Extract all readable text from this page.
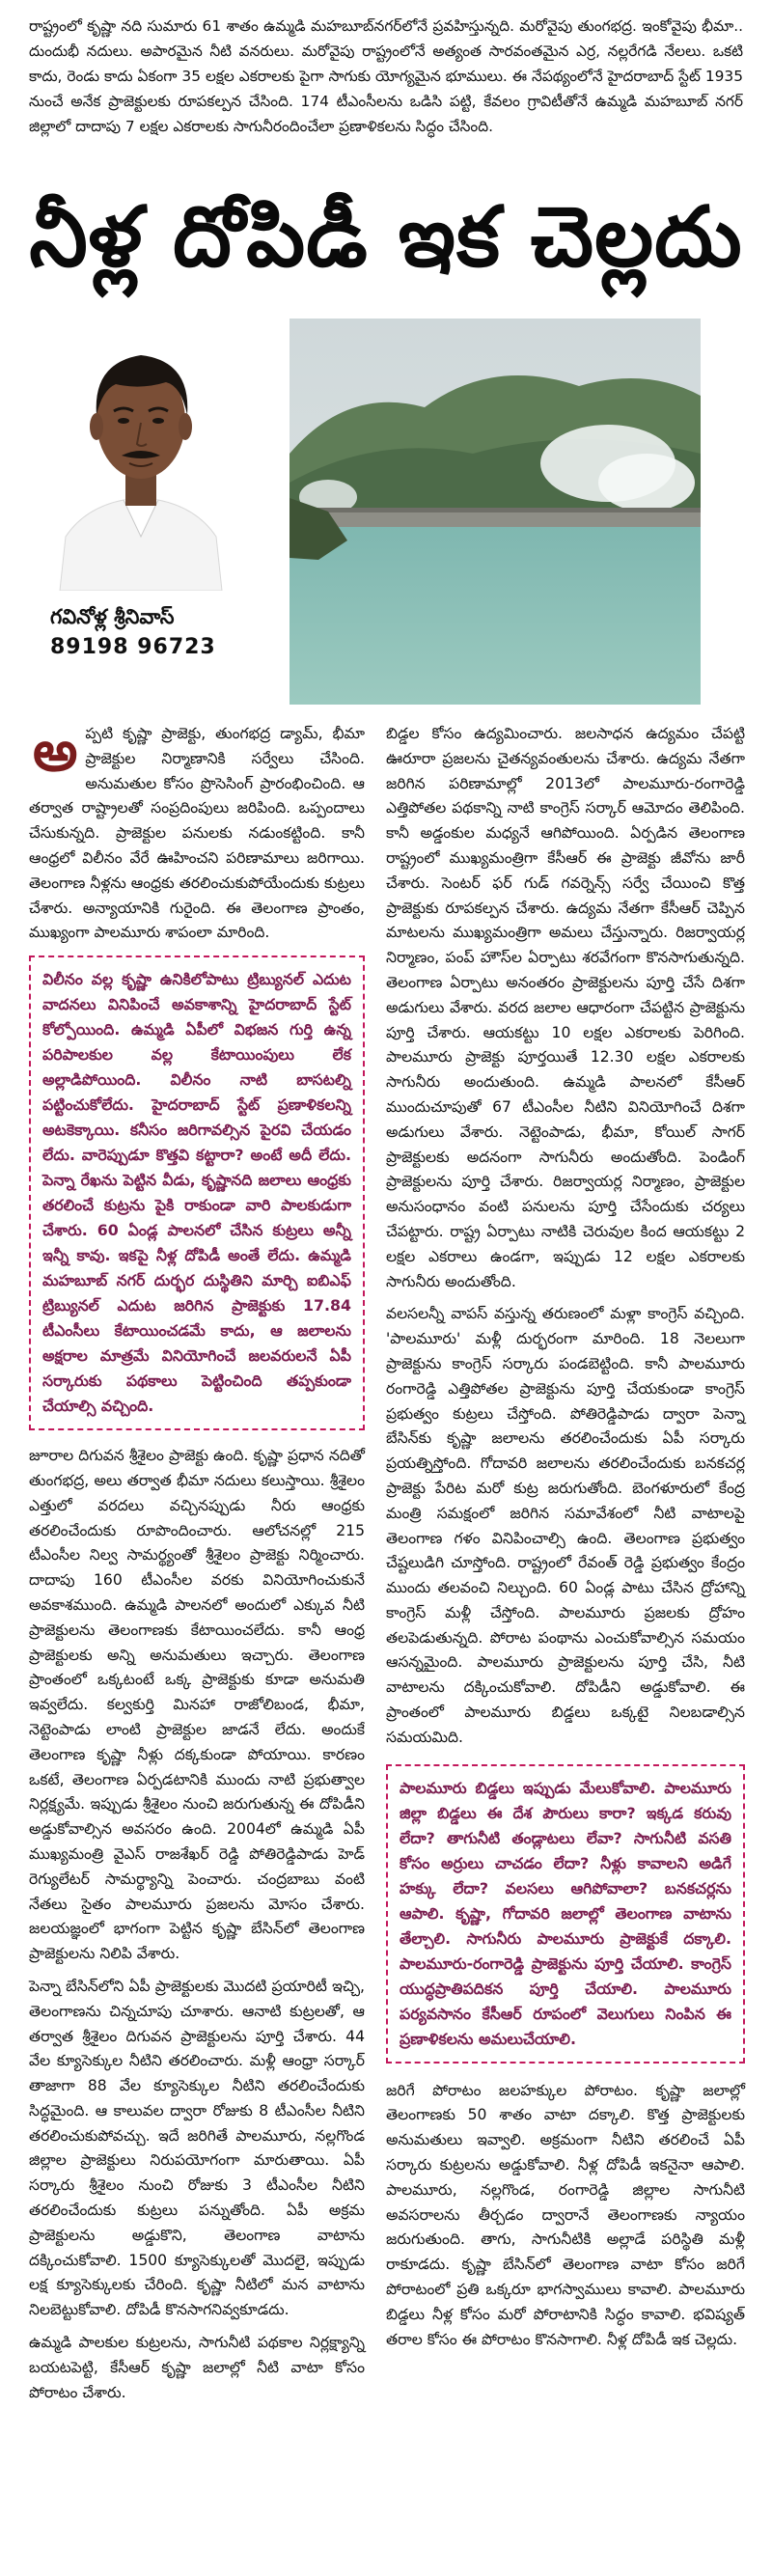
రాష్ట్రంలో కృష్ణా నది సుమారు 61 శాతం ఉమ్మడి మహబూబ్‌నగర్‌లోనే ప్రవహిస్తున్నది. మరోవైపు తుంగభద్ర. ఇంకోవైపు భీమా.. దుందుభీ నదులు. అపారమైన నీటి వనరులు. మరోవైపు రాష్ట్రంలోనే అత్యంత సారవంతమైన ఎర్ర, నల్లరేగడి నేలలు. ఒకటి కాదు, రెండు కాదు ఏకంగా 35 లక్షల ఎకరాలకు పైగా సాగుకు యోగ్యమైన భూములు. ఈ నేపథ్యంలోనే హైదరాబాద్ స్టేట్ 1935 నుంచే అనేక ప్రాజెక్టులకు రూపకల్పన చేసింది. 174 టీఎంసీలను ఒడిసి పట్టి, కేవలం గ్రావిటీతోనే ఉమ్మడి మహబూబ్ నగర్ జిల్లాలో దాదాపు 7 లక్షల ఎకరాలకు సాగునీరందించేలా ప్రణాళికలను సిద్ధం చేసింది.
నీళ్ల దోపిడీ ఇక చెల్లదు
గవినోళ్ల శ్రీనివాస్
89198 96723

అప్పటి కృష్ణా ప్రాజెక్టు, తుంగభద్ర డ్యామ్, భీమా ప్రాజెక్టుల నిర్మాణానికి సర్వేలు చేసింది. అనుమతుల కోసం ప్రొసెసింగ్ ప్రారంభించింది. ఆ తర్వాత రాష్ట్రాలతో సంప్రదింపులు జరిపింది. ఒప్పందాలు చేసుకున్నది. ప్రాజెక్టుల పనులకు నడుంకట్టింది. కానీ ఆంధ్రలో విలీనం వేరే ఊహించని పరిణామాలు జరిగాయి. తెలంగాణ నీళ్లను ఆంధ్రకు తరలించుకుపోయేందుకు కుట్రలు చేశారు. అన్యాయానికి గురైంది. ఈ తెలంగాణ ప్రాంతం, ముఖ్యంగా పాలమూరు శాపంలా మారింది.

విలీనం వల్ల కృష్ణా ఉనికిలోపాటు ట్రిబ్యునల్ ఎదుట వాదనలు వినిపించే అవకాశాన్ని హైదరాబాద్ స్టేట్ కోల్పోయింది. ఉమ్మడి ఏపీలో విభజన గుర్తి ఉన్న పరిపాలకుల వల్ల కేటాయింపులు లేక అల్లాడిపోయింది. విలీనం నాటి బాసటల్ని పట్టించుకోలేదు. హైదరాబాద్ స్టేట్ ప్రణాళికలన్ని అటకెక్కాయి. కనీసం జరిగావల్సిన పైరవి చేయడం లేదు. వారెప్పుడూ కొత్తవి కట్టారా? అంటే అదీ లేదు. పెన్నా రేఖను పెట్టిన వీడు, కృష్ణానది జలాలు ఆంధ్రకు తరలించే కుట్రను పైకి రాకుండా వారి పాలకుడుగా చేశారు. 60 ఏండ్ల పాలనలో చేసిన కుట్రలు అన్నీ ఇన్నీ కావు. ఇకపై నీళ్ల దోపిడీ అంతే లేదు. ఉమ్మడి మహబూబ్ నగర్ దుర్భర దుస్థితిని మార్చి ఐబిఎఫ్ ట్రిబ్యునల్ ఎదుట జరిగిన ప్రాజెక్టుకు 17.84 టీఎంసీలు కేటాయించడమే కాదు, ఆ జలాలను అక్షరాల మాత్రమే వినియోగించే జలవరులనే ఏపీ సర్కారుకు పథకాలు పెట్టించింది తప్పకుండా చేయాల్సి వచ్చింది.

జూరాల దిగువన శ్రీశైలం ప్రాజెక్టు ఉంది. కృష్ణా ప్రధాన నదితో తుంగభద్ర, అలు తర్వాత భీమా నదులు కలుస్తాయి. శ్రీశైలం ఎత్తులో వరదలు వచ్చినప్పుడు నీరు ఆంధ్రకు తరలించేందుకు రూపొందించారు. ఆలోచనల్లో 215 టీఎంసీల నిల్వ సామర్థ్యంతో శ్రీశైలం ప్రాజెక్టు నిర్మించారు. దాదాపు 160 టీఎంసీల వరకు వినియోగించుకునే అవకాశముంది. ఉమ్మడి పాలనలో అందులో ఎక్కువ నీటి ప్రాజెక్టులను తెలంగాణకు కేటాయించలేదు. కానీ ఆంధ్ర ప్రాజెక్టులకు అన్ని అనుమతులు ఇచ్చారు. తెలంగాణ ప్రాంతంలో ఒక్కటంటే ఒక్క ప్రాజెక్టుకు కూడా అనుమతి ఇవ్వలేదు. కల్వకుర్తి మినహా రాజోలిబండ, భీమా, నెట్టెంపాడు లాంటి ప్రాజెక్టుల జాడనే లేదు. అందుకే తెలంగాణ కృష్ణా నీళ్లు దక్కకుండా పోయాయి. కారణం ఒకటే, తెలంగాణ ఏర్పడటానికి ముందు నాటి ప్రభుత్వాల నిర్లక్ష్యమే. ఇప్పుడు శ్రీశైలం నుంచి జరుగుతున్న ఈ దోపిడీని అడ్డుకోవాల్సిన అవసరం ఉంది. 2004లో ఉమ్మడి ఏపీ ముఖ్యమంత్రి వైఎస్ రాజశేఖర్ రెడ్డి పోతిరెడ్డిపాడు హెడ్ రెగ్యులేటర్ సామర్థ్యాన్ని పెంచారు. చంద్రబాబు వంటి నేతలు సైతం పాలమూరు ప్రజలను మోసం చేశారు. జలయజ్ఞంలో భాగంగా పెట్టిన కృష్ణా బేసిన్‌లో తెలంగాణ ప్రాజెక్టులను నిలిపి వేశారు.

పెన్నా బేసిన్‌లోని ఏపీ ప్రాజెక్టులకు మొదటి ప్రయారిటీ ఇచ్చి, తెలంగాణను చిన్నచూపు చూశారు. ఆనాటి కుట్రలతో, ఆ తర్వాత శ్రీశైలం దిగువన ప్రాజెక్టులను పూర్తి చేశారు. 44 వేల క్యూసెక్కుల నీటిని తరలించారు. మళ్లీ ఆంధ్రా సర్కార్ తాజాగా 88 వేల క్యూసెక్కుల నీటిని తరలించేందుకు సిద్ధమైంది. ఆ కాలువల ద్వారా రోజుకు 8 టీఎంసీల నీటిని తరలించుకుపోవచ్చు. ఇదే జరిగితే పాలమూరు, నల్లగొండ జిల్లాల ప్రాజెక్టులు నిరుపయోగంగా మారుతాయి. ఏపీ సర్కారు శ్రీశైలం నుంచి రోజుకు 3 టీఎంసీల నీటిని తరలించేందుకు కుట్రలు పన్నుతోంది. ఏపీ అక్రమ ప్రాజెక్టులను అడ్డుకొని, తెలంగాణ వాటాను దక్కించుకోవాలి. 1500 క్యూసెక్కులతో మొదలై, ఇప్పుడు లక్ష క్యూసెక్కులకు చేరింది. కృష్ణా నీటిలో మన వాటాను నిలబెట్టుకోవాలి. దోపిడీ కొనసాగనివ్వకూడదు.

ఉమ్మడి పాలకుల కుట్రలను, సాగునీటి పథకాల నిర్లక్ష్యాన్ని బయటపెట్టి, కేసీఆర్ కృష్ణా జలాల్లో నీటి వాటా కోసం పోరాటం చేశారు.

బిడ్డల కోసం ఉద్యమించారు. జలసాధన ఉద్యమం చేపట్టి ఊరూరా ప్రజలను చైతన్యవంతులను చేశారు. ఉద్యమ నేతగా జరిగిన పరిణామాల్లో 2013లో పాలమూరు-రంగారెడ్డి ఎత్తిపోతల పథకాన్ని నాటి కాంగ్రెస్ సర్కార్ ఆమోదం తెలిపింది. కానీ అడ్డంకుల మధ్యనే ఆగిపోయింది. ఏర్పడిన తెలంగాణ రాష్ట్రంలో ముఖ్యమంత్రిగా కేసీఆర్ ఈ ప్రాజెక్టు జీవోను జారీ చేశారు. సెంటర్ ఫర్ గుడ్ గవర్నెన్స్ సర్వే చేయించి కొత్త ప్రాజెక్టుకు రూపకల్పన చేశారు. ఉద్యమ నేతగా కేసీఆర్ చెప్పిన మాటలను ముఖ్యమంత్రిగా అమలు చేస్తున్నారు. రిజర్వాయర్ల నిర్మాణం, పంప్ హౌస్‌ల ఏర్పాటు శరవేగంగా కొనసాగుతున్నది. తెలంగాణ ఏర్పాటు అనంతరం ప్రాజెక్టులను పూర్తి చేసే దిశగా అడుగులు వేశారు. వరద జలాల ఆధారంగా చేపట్టిన ప్రాజెక్టును పూర్తి చేశారు. ఆయకట్టు 10 లక్షల ఎకరాలకు పెరిగింది. పాలమూరు ప్రాజెక్టు పూర్తయితే 12.30 లక్షల ఎకరాలకు సాగునీరు అందుతుంది. ఉమ్మడి పాలనలో కేసీఆర్ ముందుచూపుతో 67 టీఎంసీల నీటిని వినియోగించే దిశగా అడుగులు వేశారు. నెట్టెంపాడు, భీమా, కోయిల్ సాగర్ ప్రాజెక్టులకు అదనంగా సాగునీరు అందుతోంది. పెండింగ్ ప్రాజెక్టులను పూర్తి చేశారు. రిజర్వాయర్ల నిర్మాణం, ప్రాజెక్టుల అనుసంధానం వంటి పనులను పూర్తి చేసేందుకు చర్యలు చేపట్టారు. రాష్ట్ర ఏర్పాటు నాటికి చెరువుల కింద ఆయకట్టు 2 లక్షల ఎకరాలు ఉండగా, ఇప్పుడు 12 లక్షల ఎకరాలకు సాగునీరు అందుతోంది.

వలసలన్నీ వాపస్ వస్తున్న తరుణంలో మళ్లా కాంగ్రెస్ వచ్చింది. 'పాలమూరు' మళ్లీ దుర్భరంగా మారింది. 18 నెలలుగా ప్రాజెక్టును కాంగ్రెస్ సర్కారు పండబెట్టింది. కానీ పాలమూరు రంగారెడ్డి ఎత్తిపోతల ప్రాజెక్టును పూర్తి చేయకుండా కాంగ్రెస్ ప్రభుత్వం కుట్రలు చేస్తోంది. పోతిరెడ్డిపాడు ద్వారా పెన్నా బేసిన్‌కు కృష్ణా జలాలను తరలించేందుకు ఏపీ సర్కారు ప్రయత్నిస్తోంది. గోదావరి జలాలను తరలించేందుకు బనకచర్ల ప్రాజెక్టు పేరిట మరో కుట్ర జరుగుతోంది. బెంగళూరులో కేంద్ర మంత్రి సమక్షంలో జరిగిన సమావేశంలో నీటి వాటాలపై తెలంగాణ గళం వినిపించాల్సి ఉంది. తెలంగాణ ప్రభుత్వం చేష్టలుడిగి చూస్తోంది. రాష్ట్రంలో రేవంత్ రెడ్డి ప్రభుత్వం కేంద్రం ముందు తలవంచి నిల్చుంది. 60 ఏండ్ల పాటు చేసిన ద్రోహాన్ని కాంగ్రెస్ మళ్లీ చేస్తోంది. పాలమూరు ప్రజలకు ద్రోహం తలపెడుతున్నది. పోరాట పంథాను ఎంచుకోవాల్సిన సమయం ఆసన్నమైంది. పాలమూరు ప్రాజెక్టులను పూర్తి చేసి, నీటి వాటాలను దక్కించుకోవాలి. దోపిడీని అడ్డుకోవాలి. ఈ ప్రాంతంలో పాలమూరు బిడ్డలు ఒక్కటై నిలబడాల్సిన సమయమిది.

పాలమూరు బిడ్డలు ఇప్పుడు మేలుకోవాలి. పాలమూరు జిల్లా బిడ్డలు ఈ దేశ పౌరులు కారా? ఇక్కడ కరువు లేదా? తాగునీటి తండ్లాటలు లేవా? సాగునీటి వసతి కోసం అర్రులు చాచడం లేదా? నీళ్లు కావాలని అడిగే హక్కు లేదా? వలసలు ఆగిపోవాలా? బనకచర్లను ఆపాలి. కృష్ణా, గోదావరి జలాల్లో తెలంగాణ వాటాను తేల్చాలి. సాగునీరు పాలమూరు ప్రాజెక్టుకే దక్కాలి. పాలమూరు-రంగారెడ్డి ప్రాజెక్టును పూర్తి చేయాలి. కాంగ్రెస్ యుద్ధప్రాతిపదికన పూర్తి చేయాలి. పాలమూరు పర్యవసానం కేసీఆర్ రూపంలో వెలుగులు నింపిన ఈ ప్రణాళికలను అమలుచేయాలి.

జరిగే పోరాటం జలహక్కుల పోరాటం. కృష్ణా జలాల్లో తెలంగాణకు 50 శాతం వాటా దక్కాలి. కొత్త ప్రాజెక్టులకు అనుమతులు ఇవ్వాలి. అక్రమంగా నీటిని తరలించే ఏపీ సర్కారు కుట్రలను అడ్డుకోవాలి. నీళ్ల దోపిడీ ఇకనైనా ఆపాలి. పాలమూరు, నల్లగొండ, రంగారెడ్డి జిల్లాల సాగునీటి అవసరాలను తీర్చడం ద్వారానే తెలంగాణకు న్యాయం జరుగుతుంది. తాగు, సాగునీటికి అల్లాడే పరిస్థితి మళ్లీ రాకూడదు. కృష్ణా బేసిన్‌లో తెలంగాణ వాటా కోసం జరిగే పోరాటంలో ప్రతి ఒక్కరూ భాగస్వాములు కావాలి. పాలమూరు బిడ్డలు నీళ్ల కోసం మరో పోరాటానికి సిద్ధం కావాలి. భవిష్యత్ తరాల కోసం ఈ పోరాటం కొనసాగాలి. నీళ్ల దోపిడీ ఇక చెల్లదు.
